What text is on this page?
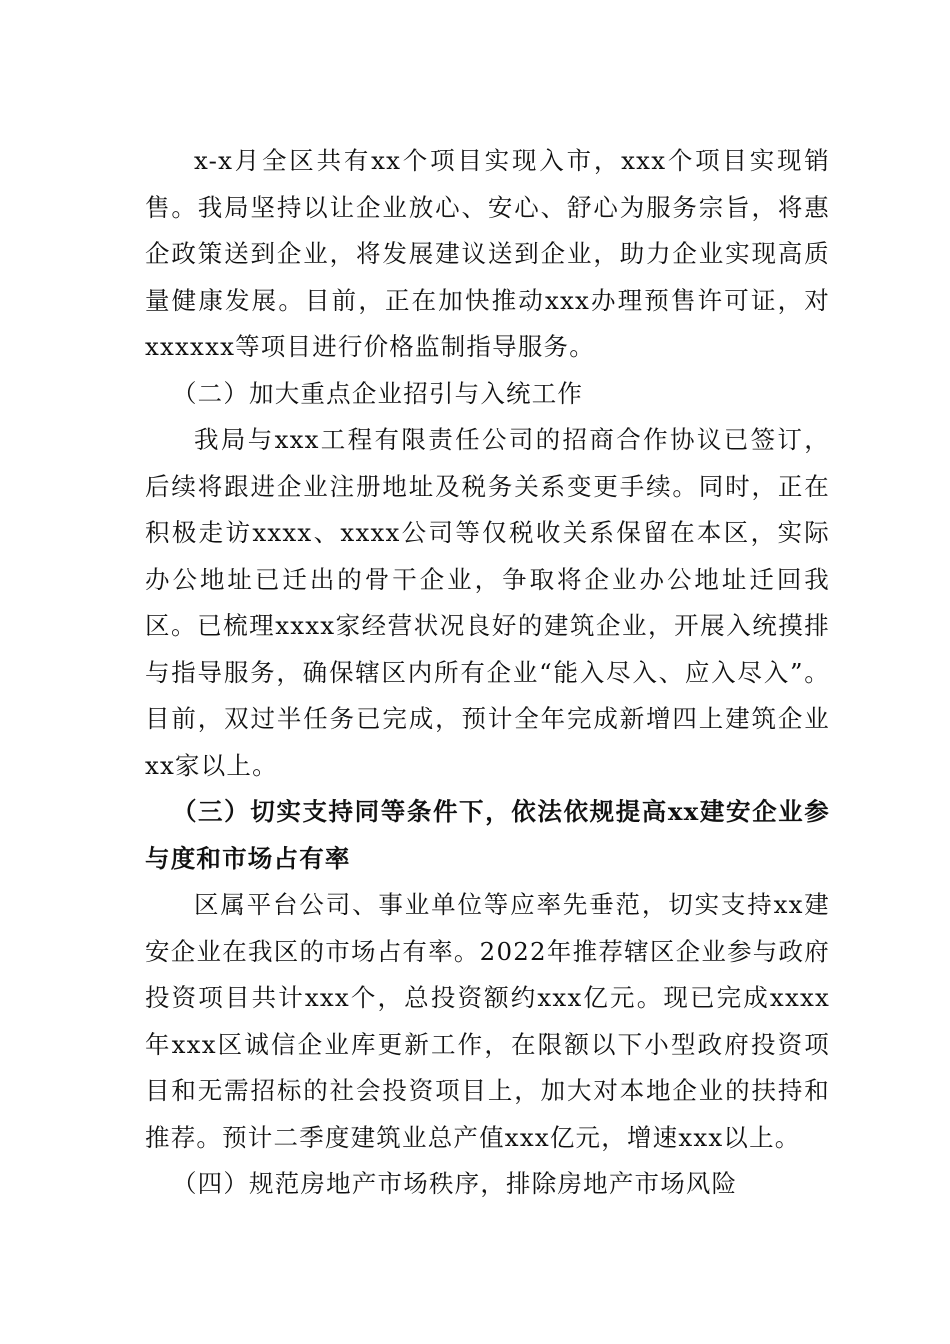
x-x月全区共有xx个项目实现入市，xxx个项目实现销售。我局坚持以让企业放心、安心、舒心为服务宗旨，将惠企政策送到企业，将发展建议送到企业，助力企业实现高质量健康发展。目前，正在加快推动xxx办理预售许可证，对xxxxxx等项目进行价格监制指导服务。

（二）加大重点企业招引与入统工作

我局与xxx工程有限责任公司的招商合作协议已签订，后续将跟进企业注册地址及税务关系变更手续。同时，正在积极走访xxxx、xxxx公司等仅税收关系保留在本区，实际办公地址已迁出的骨干企业，争取将企业办公地址迁回我区。已梳理xxxx家经营状况良好的建筑企业，开展入统摸排与指导服务，确保辖区内所有企业“能入尽入、应入尽入”。目前，双过半任务已完成，预计全年完成新增四上建筑企业xx家以上。

（三）切实支持同等条件下，依法依规提高xx建安企业参与度和市场占有率

区属平台公司、事业单位等应率先垂范，切实支持xx建安企业在我区的市场占有率。2022年推荐辖区企业参与政府投资项目共计xxx个，总投资额约xxx亿元。现已完成xxxx年xxx区诚信企业库更新工作，在限额以下小型政府投资项目和无需招标的社会投资项目上，加大对本地企业的扶持和推荐。预计二季度建筑业总产值xxx亿元，增速xxx以上。

（四）规范房地产市场秩序，排除房地产市场风险
